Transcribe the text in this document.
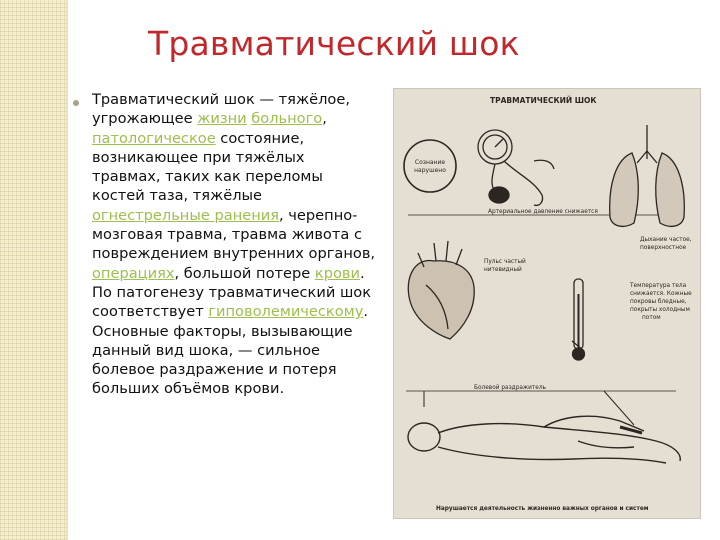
Травматический шок
Травматический шок — тяжёлое, угрожающее жизни больного, патологическое состояние, возникающее при тяжёлых травмах, таких как переломы костей таза, тяжёлые огнестрельные ранения, черепно-мозговая травма, травма живота с повреждением внутренних органов, операциях, большой потере крови. По патогенезу травматический шок соответствует гиповолемическому. Основные факторы, вызывающие данный вид шока, — сильное болевое раздражение и потеря больших объёмов крови.
ТРАВМАТИЧЕСКИЙ ШОК
Сознание
нарушено
Артериальное давление снижается
Дыхание частое,
поверхностное
Пульс частый
нитевидный
Температура тела
снижается. Кожные
покровы бледные,
покрыты холодным
потом
Болевой раздражитель
Нарушается деятельность жизненно важных органов и систем
